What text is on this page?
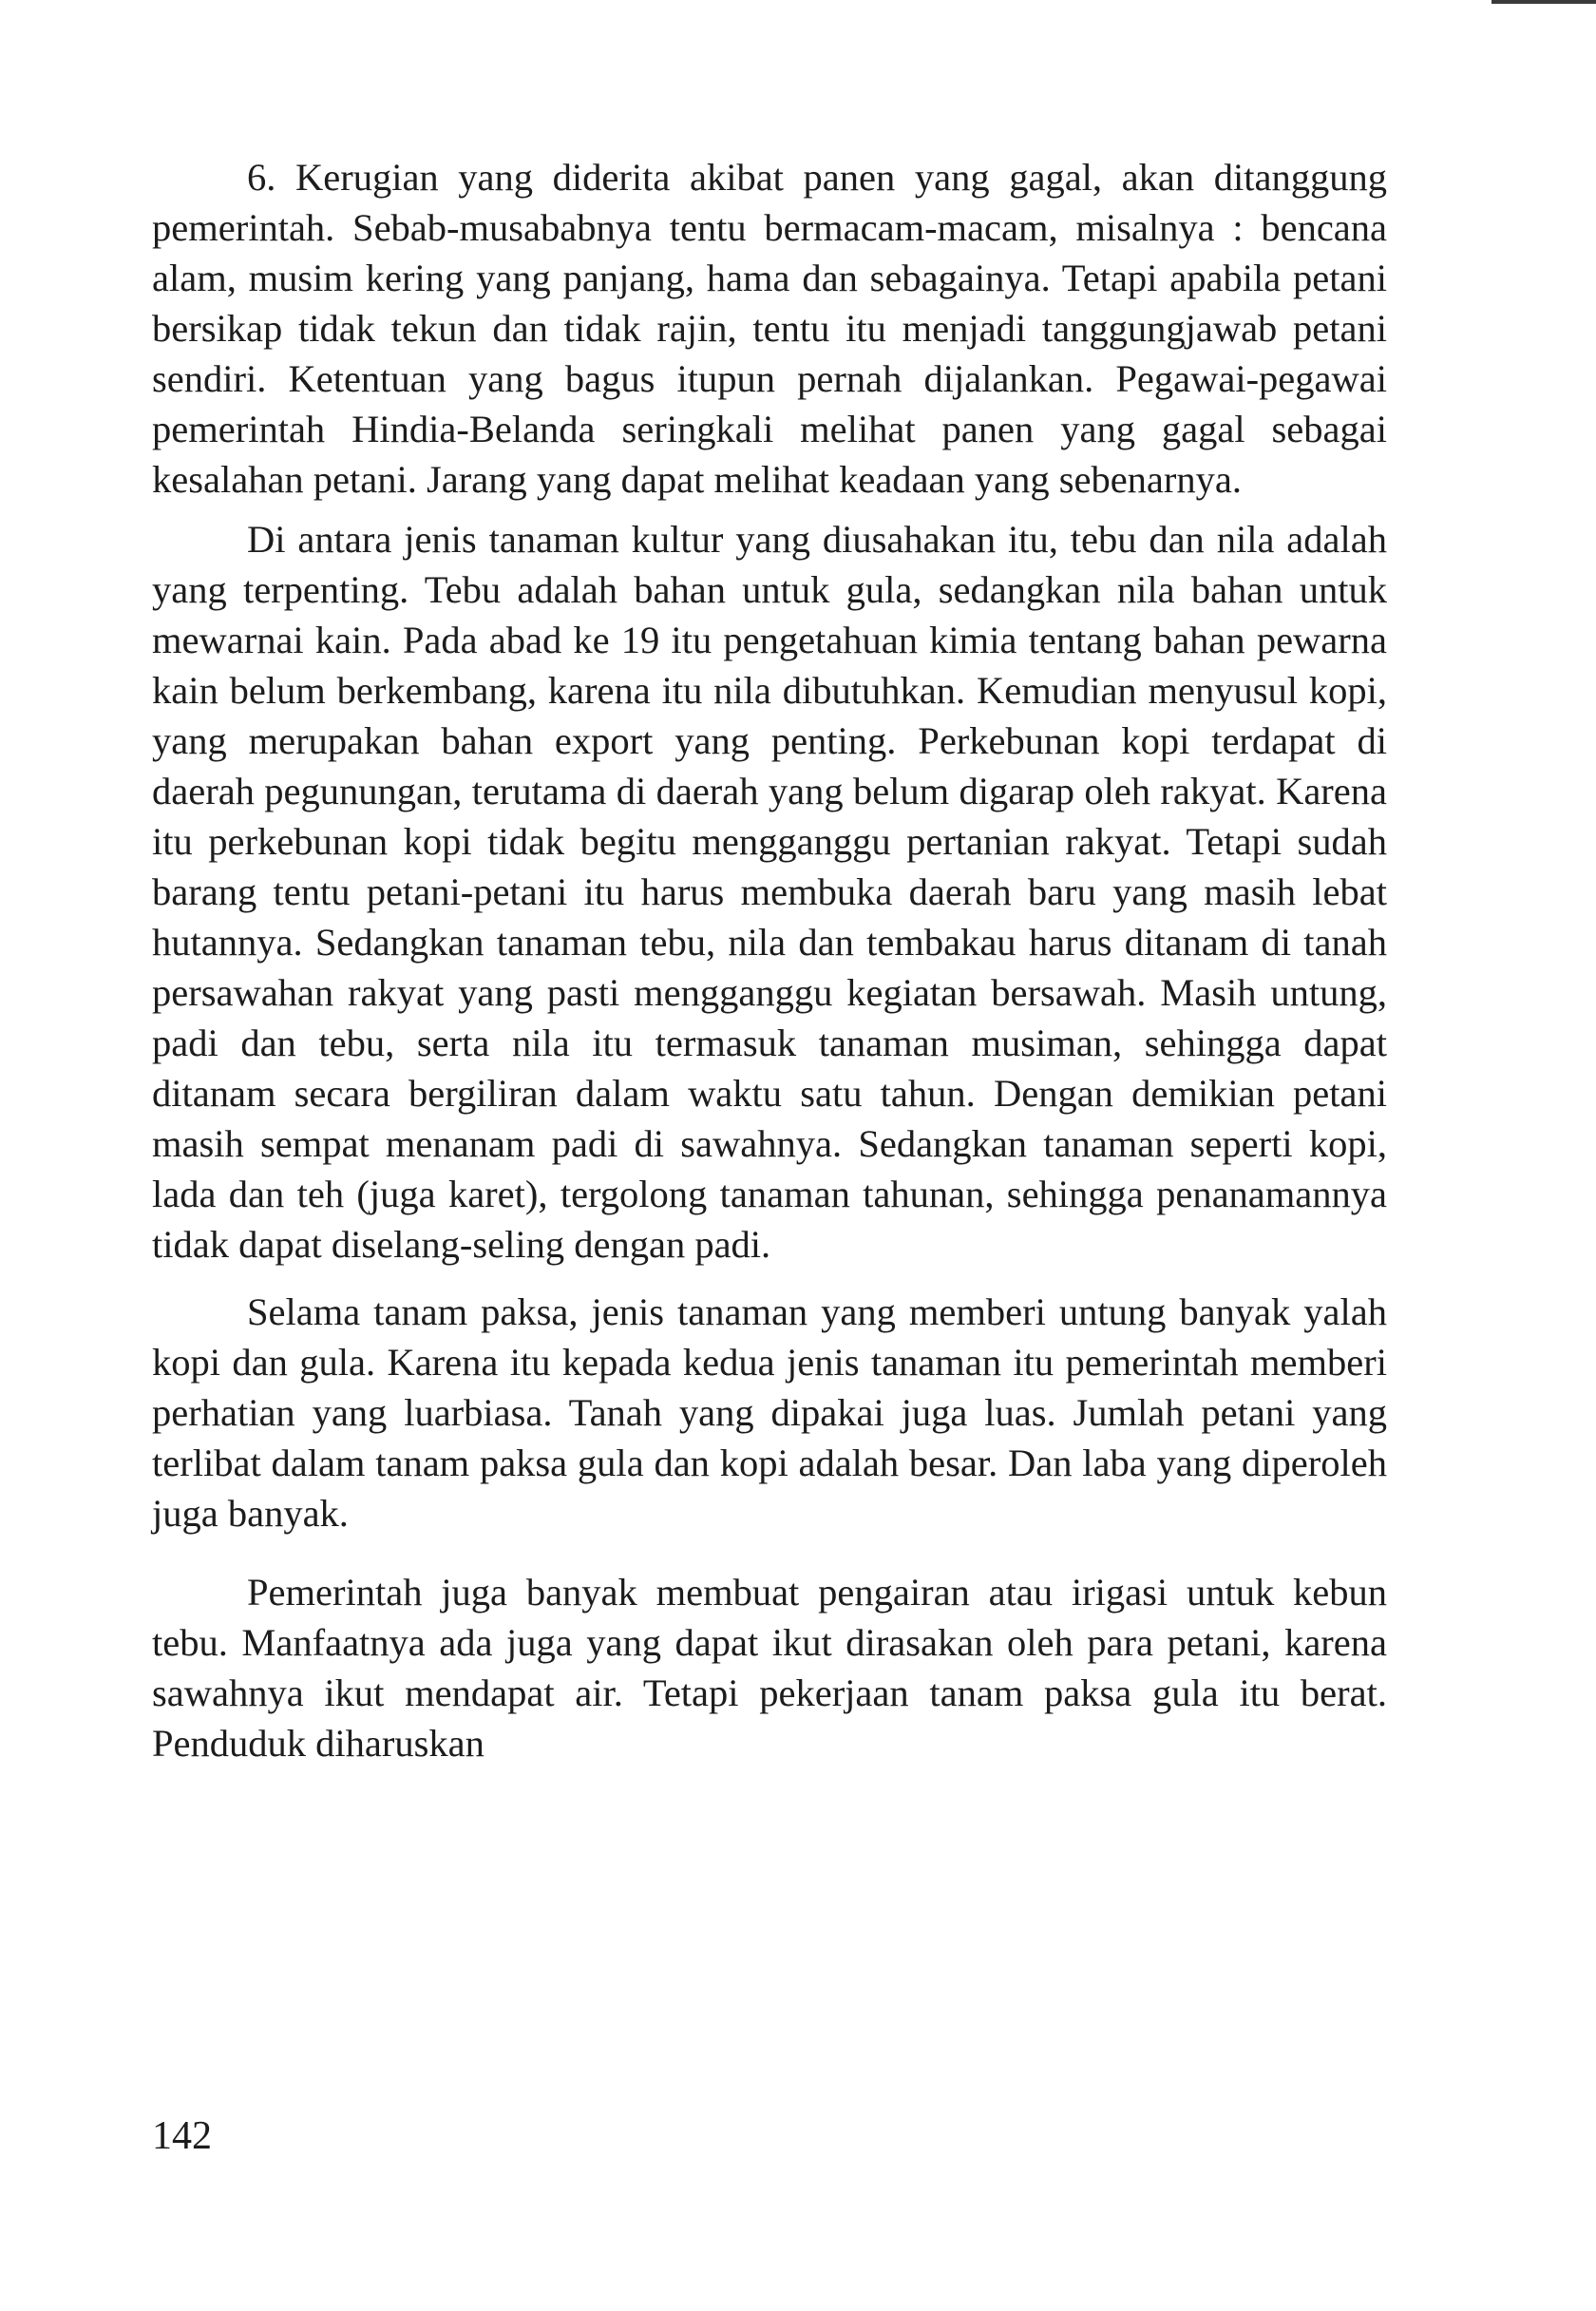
6. Kerugian yang diderita akibat panen yang gagal, akan ditanggung pemerintah. Sebab-musababnya tentu bermacam-macam, misalnya : bencana alam, musim kering yang panjang, hama dan sebagainya. Tetapi apabila petani bersikap tidak tekun dan tidak rajin, tentu itu menjadi tanggungjawab petani sendiri. Ketentuan yang bagus itupun pernah dijalankan. Pegawai-pegawai pemerintah Hindia-Belanda seringkali melihat panen yang gagal sebagai kesalahan petani. Jarang yang dapat melihat keadaan yang sebenarnya.

Di antara jenis tanaman kultur yang diusahakan itu, tebu dan nila adalah yang terpenting. Tebu adalah bahan untuk gula, sedangkan nila bahan untuk mewarnai kain. Pada abad ke 19 itu pengetahuan kimia tentang bahan pewarna kain belum berkembang, karena itu nila dibutuhkan. Kemudian menyusul kopi, yang merupakan bahan export yang penting. Perkebunan kopi terdapat di daerah pegunungan, terutama di daerah yang belum digarap oleh rakyat. Karena itu perkebunan kopi tidak begitu mengganggu pertanian rakyat. Tetapi sudah barang tentu petani-petani itu harus membuka daerah baru yang masih lebat hutannya. Sedangkan tanaman tebu, nila dan tembakau harus ditanam di tanah persawahan rakyat yang pasti mengganggu kegiatan bersawah. Masih untung, padi dan tebu, serta nila itu termasuk tanaman musiman, sehingga dapat ditanam secara bergiliran dalam waktu satu tahun. Dengan demikian petani masih sempat menanam padi di sawahnya. Sedangkan tanaman seperti kopi, lada dan teh (juga karet), tergolong tanaman tahunan, sehingga penanamannya tidak dapat diselang-seling dengan padi.

Selama tanam paksa, jenis tanaman yang memberi untung banyak yalah kopi dan gula. Karena itu kepada kedua jenis tanaman itu pemerintah memberi perhatian yang luarbiasa. Tanah yang dipakai juga luas. Jumlah petani yang terlibat dalam tanam paksa gula dan kopi adalah besar. Dan laba yang diperoleh juga banyak.

Pemerintah juga banyak membuat pengairan atau irigasi untuk kebun tebu. Manfaatnya ada juga yang dapat ikut dirasakan oleh para petani, karena sawahnya ikut mendapat air. Tetapi pekerjaan tanam paksa gula itu berat. Penduduk diharuskan

142
